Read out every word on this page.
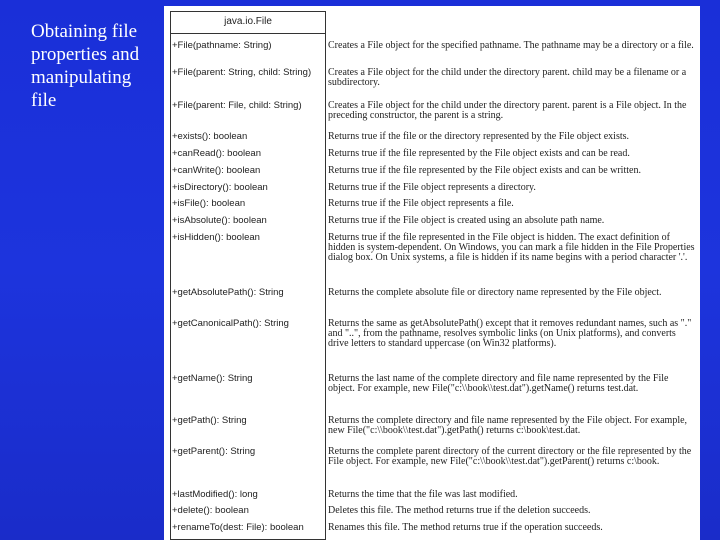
Obtaining file properties and manipulating file
java.io.File
+File(pathname: String)	Creates a File object for the specified pathname. The pathname may be a directory or a file.
+File(parent: String, child: String)	Creates a File object for the child under the directory parent. child may be a filename or a subdirectory.
+File(parent: File, child: String)	Creates a File object for the child under the directory parent. parent is a File object. In the preceding constructor, the parent is a string.
+exists(): boolean	Returns true if the file or the directory represented by the File object exists.
+canRead(): boolean	Returns true if the file represented by the File object exists and can be read.
+canWrite(): boolean	Returns true if the file represented by the File object exists and can be written.
+isDirectory(): boolean	Returns true if the File object represents a directory.
+isFile(): boolean	Returns true if the File object represents a file.
+isAbsolute(): boolean	Returns true if the File object is created using an absolute path name.
+isHidden(): boolean	Returns true if the file represented in the File object is hidden. The exact definition of hidden is system-dependent. On Windows, you can mark a file hidden in the File Properties dialog box. On Unix systems, a file is hidden if its name begins with a period character '.'.
+getAbsolutePath(): String	Returns the complete absolute file or directory name represented by the File object.
+getCanonicalPath(): String	Returns the same as getAbsolutePath() except that it removes redundant names, such as "." and "..", from the pathname, resolves symbolic links (on Unix platforms), and converts drive letters to standard uppercase (on Win32 platforms).
+getName(): String	Returns the last name of the complete directory and file name represented by the File object. For example, new File("c:\\book\\test.dat").getName() returns test.dat.
+getPath(): String	Returns the complete directory and file name represented by the File object. For example, new File("c:\\book\\test.dat").getPath() returns c:\book\test.dat.
+getParent(): String	Returns the complete parent directory of the current directory or the file represented by the File object. For example, new File("c:\\book\\test.dat").getParent() returns c:\book.
+lastModified(): long	Returns the time that the file was last modified.
+delete(): boolean	Deletes this file. The method returns true if the deletion succeeds.
+renameTo(dest: File): boolean	Renames this file. The method returns true if the operation succeeds.
